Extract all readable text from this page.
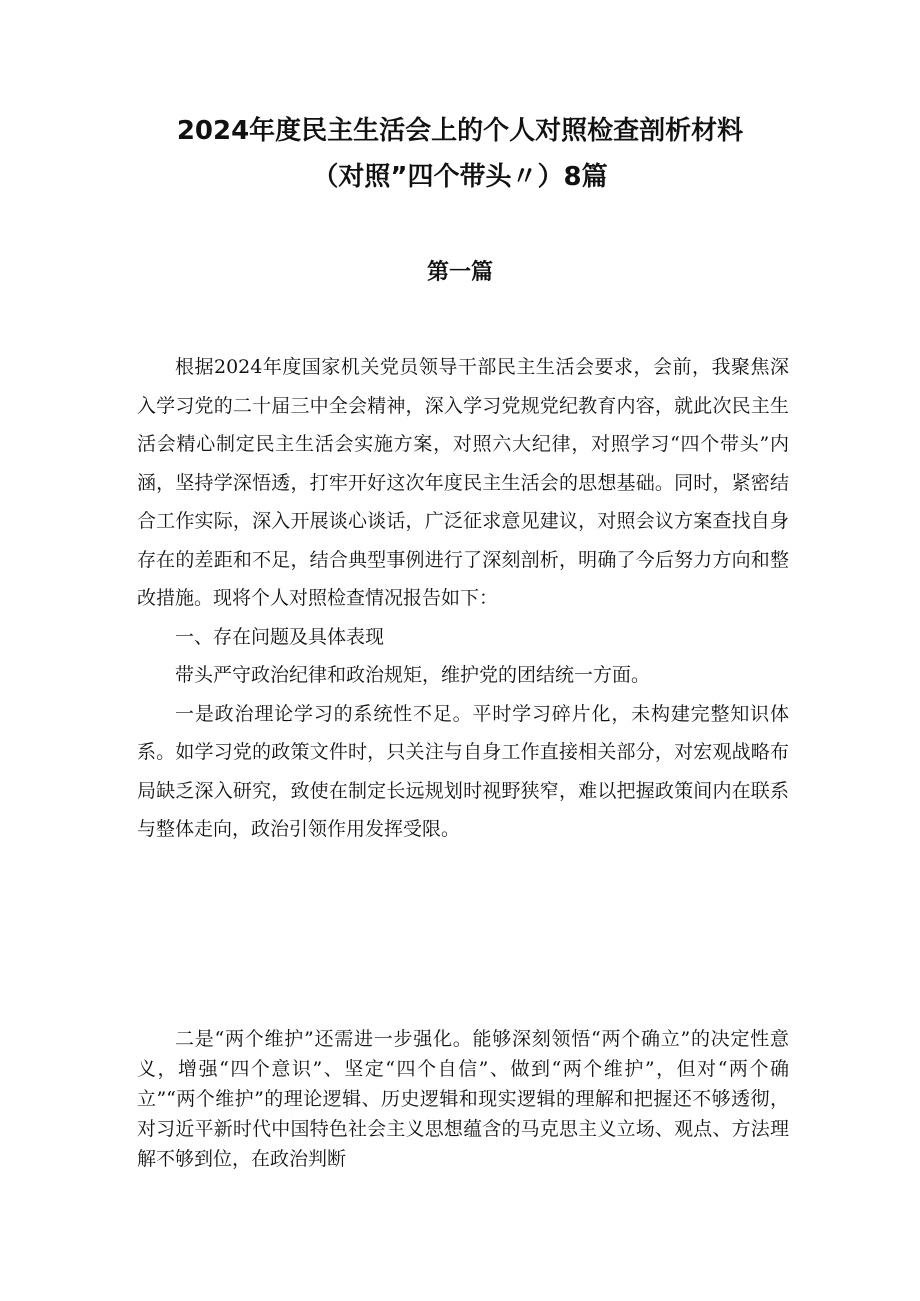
2024年度民主生活会上的个人对照检查剖析材料
（对照”四个带头〃）8篇
第一篇

根据2024年度国家机关党员领导干部民主生活会要求，会前，我聚焦深入学习党的二十届三中全会精神，深入学习党规党纪教育内容，就此次民主生活会精心制定民主生活会实施方案，对照六大纪律，对照学习“四个带头”内涵，坚持学深悟透，打牢开好这次年度民主生活会的思想基础。同时，紧密结合工作实际，深入开展谈心谈话，广泛征求意见建议，对照会议方案查找自身存在的差距和不足，结合典型事例进行了深刻剖析，明确了今后努力方向和整改措施。现将个人对照检查情况报告如下：

一、存在问题及具体表现

带头严守政治纪律和政治规矩，维护党的团结统一方面。

一是政治理论学习的系统性不足。平时学习碎片化，未构建完整知识体系。如学习党的政策文件时，只关注与自身工作直接相关部分，对宏观战略布局缺乏深入研究，致使在制定长远规划时视野狭窄，难以把握政策间内在联系与整体走向，政治引领作用发挥受限。

二是“两个维护”还需进一步强化。能够深刻领悟“两个确立”的决定性意义，增强“四个意识”、坚定“四个自信”、做到“两个维护”，但对“两个确立”“两个维护”的理论逻辑、历史逻辑和现实逻辑的理解和把握还不够透彻，对习近平新时代中国特色社会主义思想蕴含的马克思主义立场、观点、方法理解不够到位，在政治判断
